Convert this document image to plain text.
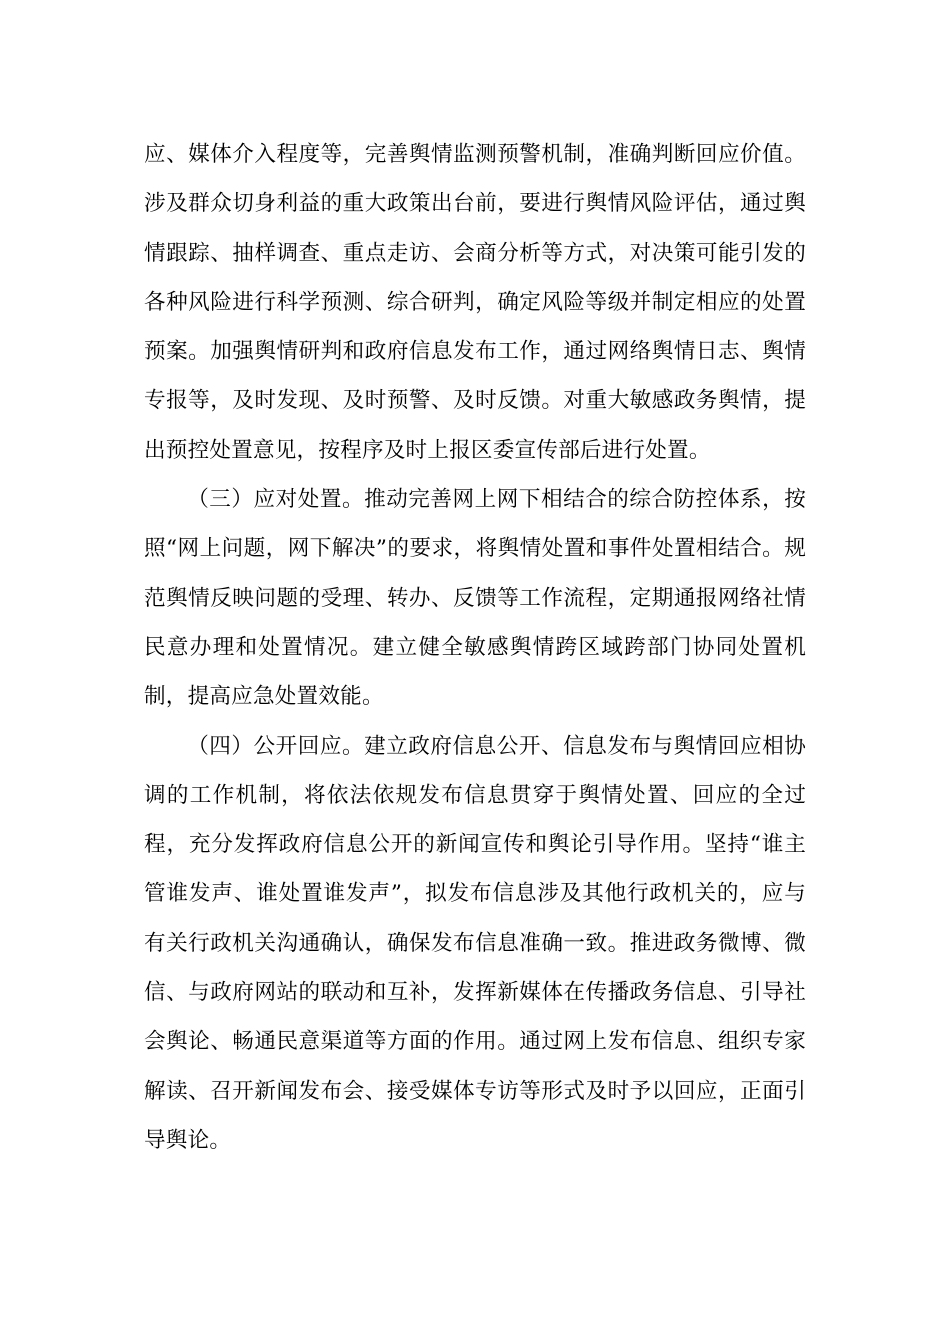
应、媒体介入程度等，完善舆情监测预警机制，准确判断回应价值。涉及群众切身利益的重大政策出台前，要进行舆情风险评估，通过舆情跟踪、抽样调查、重点走访、会商分析等方式，对决策可能引发的各种风险进行科学预测、综合研判，确定风险等级并制定相应的处置预案。加强舆情研判和政府信息发布工作，通过网络舆情日志、舆情专报等，及时发现、及时预警、及时反馈。对重大敏感政务舆情，提出预控处置意见，按程序及时上报区委宣传部后进行处置。

（三）应对处置。推动完善网上网下相结合的综合防控体系，按照“网上问题，网下解决”的要求，将舆情处置和事件处置相结合。规范舆情反映问题的受理、转办、反馈等工作流程，定期通报网络社情民意办理和处置情况。建立健全敏感舆情跨区域跨部门协同处置机制，提高应急处置效能。

（四）公开回应。建立政府信息公开、信息发布与舆情回应相协调的工作机制，将依法依规发布信息贯穿于舆情处置、回应的全过程，充分发挥政府信息公开的新闻宣传和舆论引导作用。坚持“谁主管谁发声、谁处置谁发声”，拟发布信息涉及其他行政机关的，应与有关行政机关沟通确认，确保发布信息准确一致。推进政务微博、微信、与政府网站的联动和互补，发挥新媒体在传播政务信息、引导社会舆论、畅通民意渠道等方面的作用。通过网上发布信息、组织专家解读、召开新闻发布会、接受媒体专访等形式及时予以回应，正面引导舆论。
